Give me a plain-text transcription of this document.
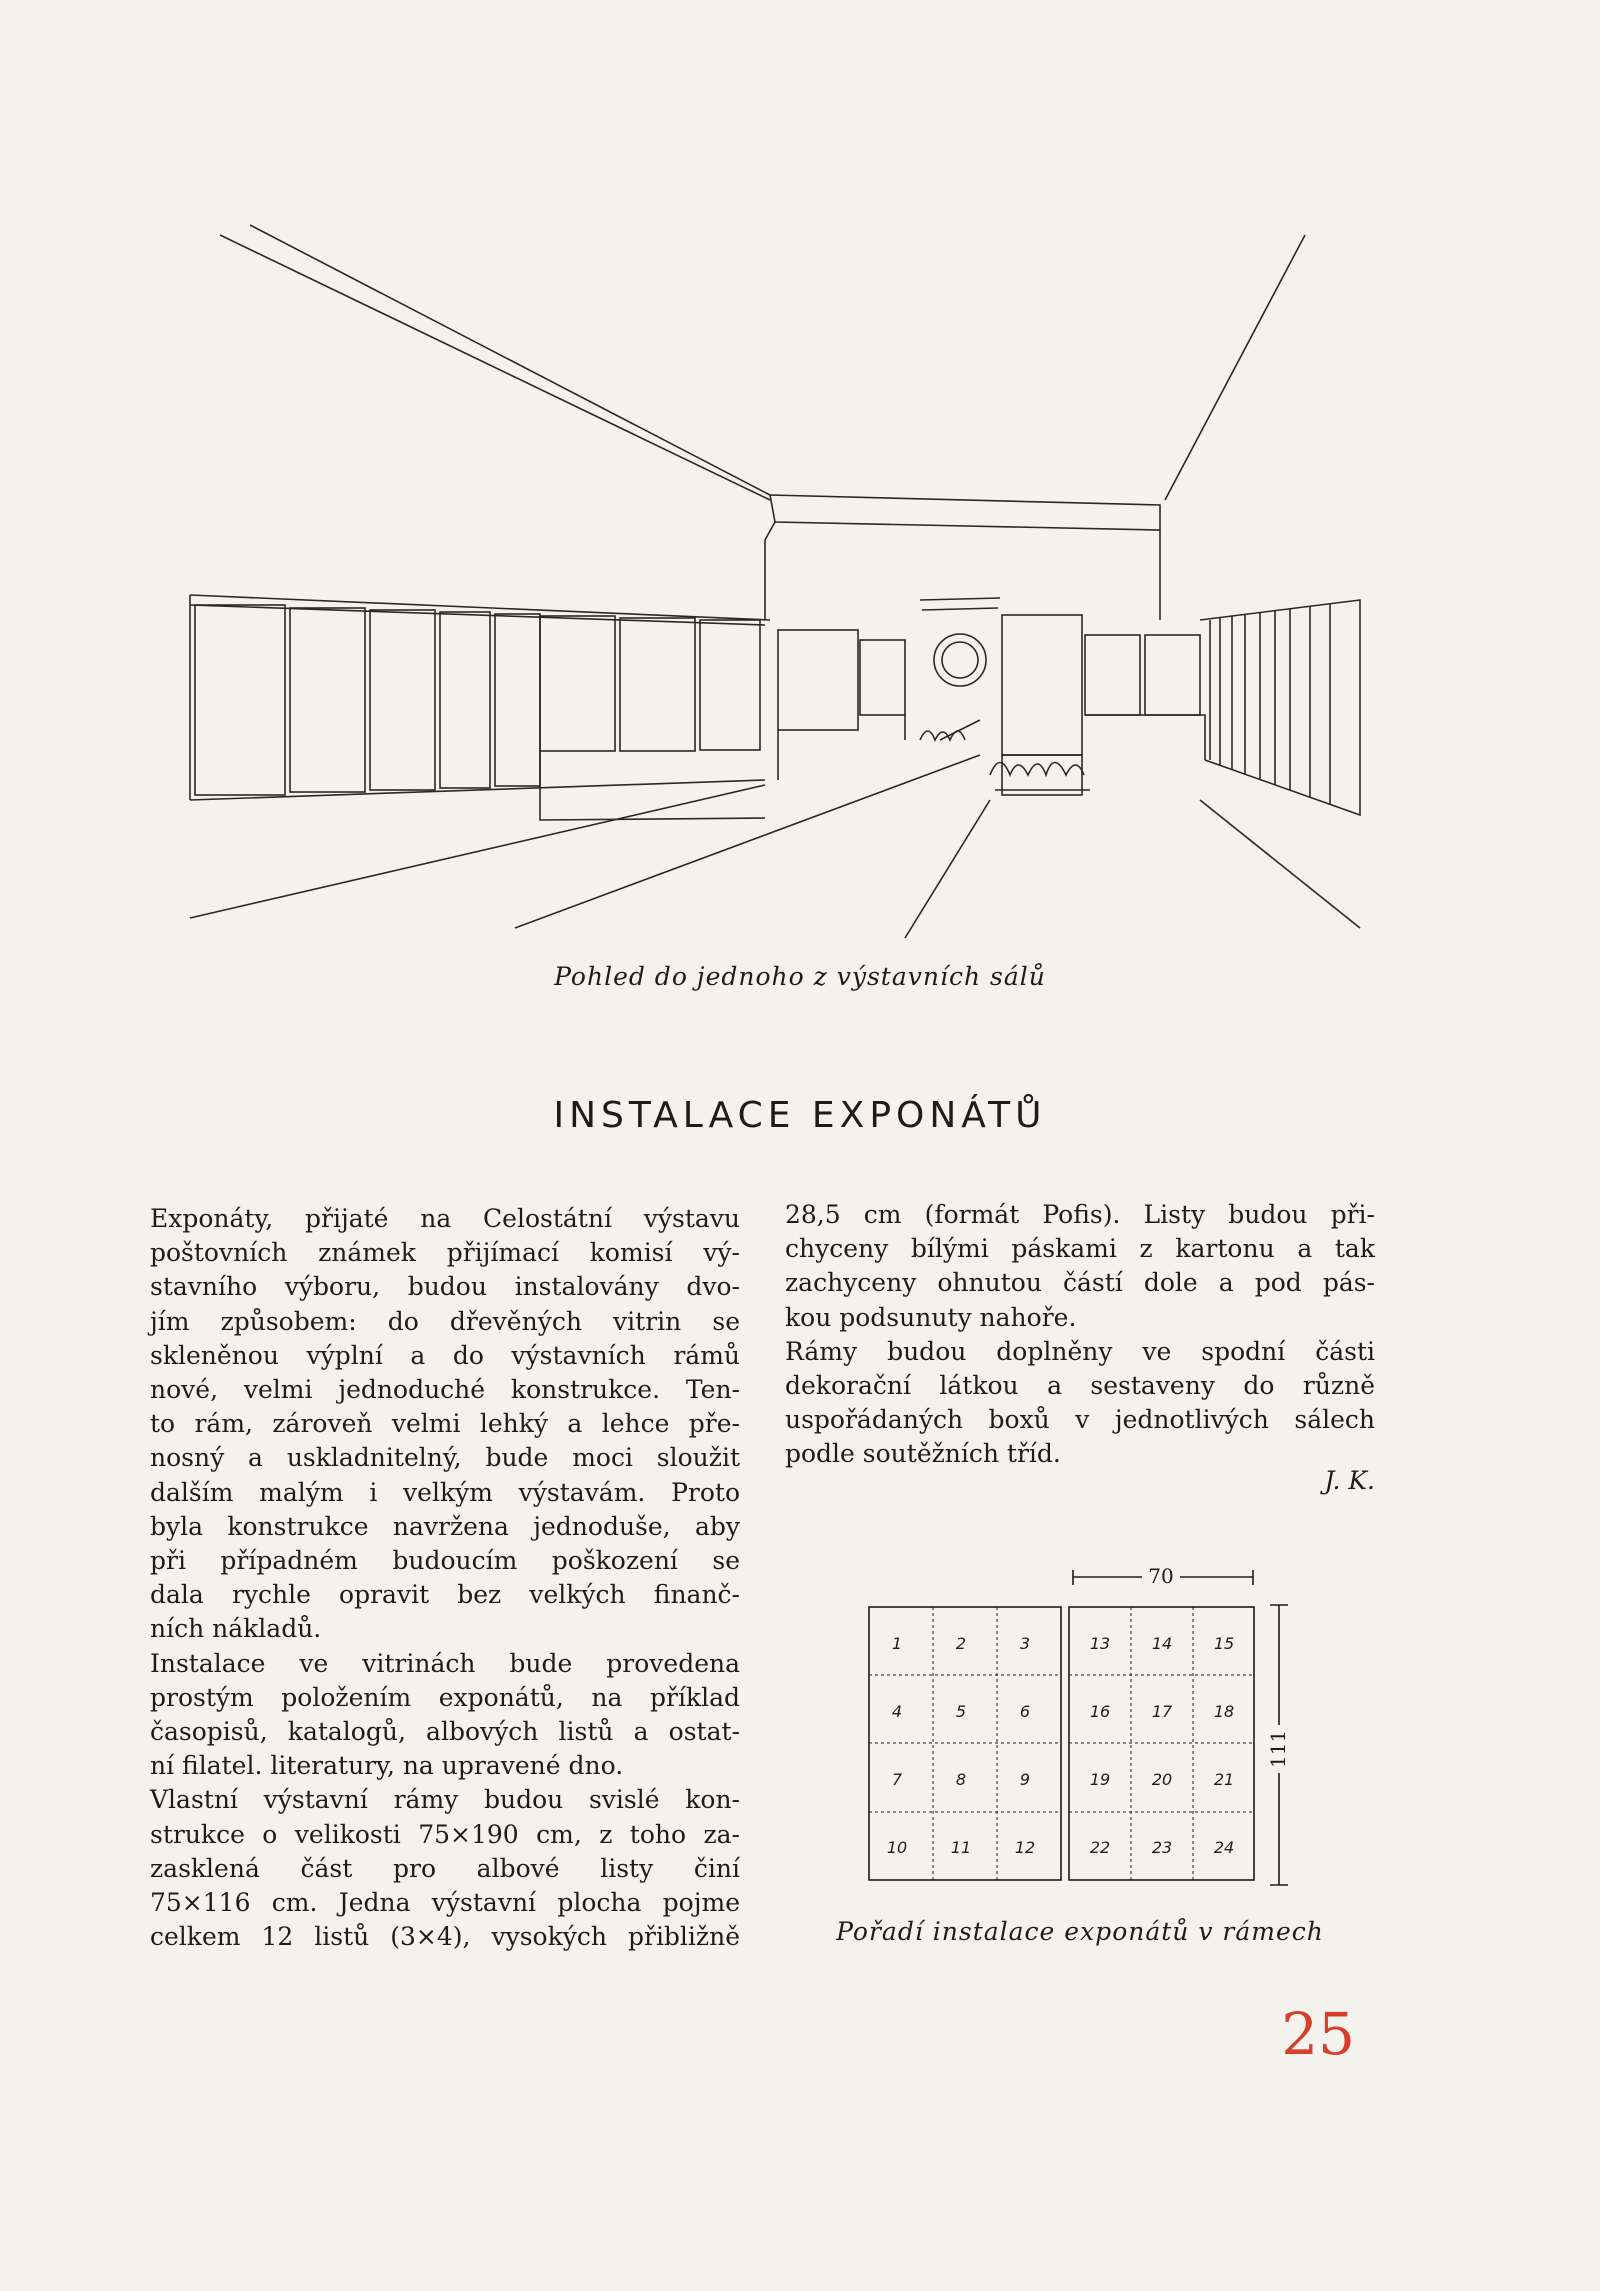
Pohled do jednoho z výstavních sálů
INSTALACE EXPONÁTŮ

Exponáty, přijaté na Celostátní výstavu

poštovních známek přijímací komisí vý-

stavního výboru, budou instalovány dvo-

jím způsobem: do dřevěných vitrin se

skleněnou výplní a do výstavních rámů

nové, velmi jednoduché konstrukce. Ten-

to rám, zároveň velmi lehký a lehce pře-

nosný a uskladnitelný, bude moci sloužit

dalším malým i velkým výstavám. Proto

byla konstrukce navržena jednoduše, aby

při případném budoucím poškození se

dala rychle opravit bez velkých finanč-

ních nákladů.

Instalace ve vitrinách bude provedena

prostým položením exponátů, na příklad

časopisů, katalogů, albových listů a ostat-

ní filatel. literatury, na upravené dno.

Vlastní výstavní rámy budou svislé kon-

strukce o velikosti 75×190 cm, z toho za-

zasklená část pro albové listy činí

75×116 cm. Jedna výstavní plocha pojme

celkem 12 listů (3×4), vysokých přibližně

28,5 cm (formát Pofis). Listy budou při-

chyceny bílými páskami z kartonu a tak

zachyceny ohnutou částí dole a pod pás-

kou podsunuty nahoře.

Rámy budou doplněny ve spodní části

dekorační látkou a sestaveny do různě

uspořádaných boxů v jednotlivých sálech

podle soutěžních tříd.

J. K.
70
111
1	2	3
4	5	6
7	8	9
10	11	12
13	14	15
16	17	18
19	20	21
22	23	24
Pořadí instalace exponátů v rámech
25
